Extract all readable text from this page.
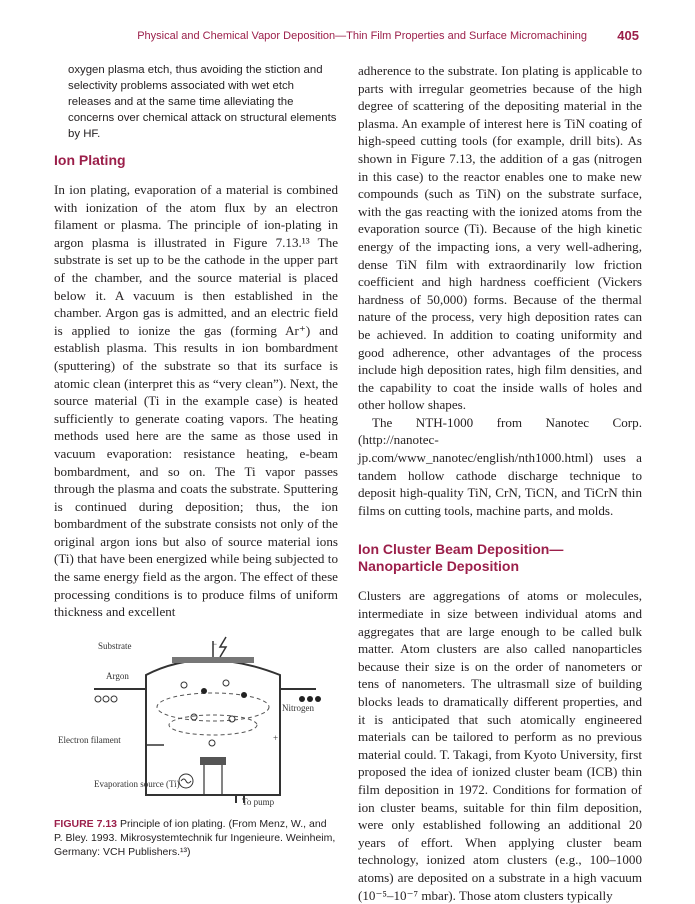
Physical and Chemical Vapor Deposition—Thin Film Properties and Surface Micromachining 405

oxygen plasma etch, thus avoiding the stiction and selectivity problems associated with wet etch releases and at the same time alleviating the concerns over chemical attack on structural elements by HF.

Ion Plating

In ion plating, evaporation of a material is combined with ionization of the atom flux by an electron filament or plasma. The principle of ion-plating in argon plasma is illustrated in Figure 7.13.¹³ The substrate is set up to be the cathode in the upper part of the chamber, and the source material is placed below it. A vacuum is then established in the chamber. Argon gas is admitted, and an electric field is applied to ionize the gas (forming Ar⁺) and establish plasma. This results in ion bombardment (sputtering) of the substrate so that its surface is atomic clean (interpret this as “very clean”). Next, the source material (Ti in the example case) is heated sufficiently to generate coating vapors. The heating methods used here are the same as those used in vacuum evaporation: resistance heating, e-beam bombardment, and so on. The Ti vapor passes through the plasma and coats the substrate. Sputtering is continued during deposition; thus, the ion bombardment of the substrate consists not only of the original argon ions but also of source material ions (Ti) that have been energized while being subjected to the same energy field as the argon. The effect of these processing conditions is to produce films of uniform thickness and excellent

−
+
Substrate
Argon
Nitrogen
Electron filament
Evaporation source (Ti)
To pump

FIGURE 7.13 Principle of ion plating. (From Menz, W., and P. Bley. 1993. Mikrosystemtechnik fur Ingenieure. Weinheim, Germany: VCH Publishers.¹³)

adherence to the substrate. Ion plating is applicable to parts with irregular geometries because of the high degree of scattering of the depositing material in the plasma. An example of interest here is TiN coating of high-speed cutting tools (for example, drill bits). As shown in Figure 7.13, the addition of a gas (nitrogen in this case) to the reactor enables one to make new compounds (such as TiN) on the substrate surface, with the gas reacting with the ionized atoms from the evaporation source (Ti). Because of the high kinetic energy of the impacting ions, a very well-adhering, dense TiN film with extraordinarily low friction coefficient and high hardness coefficient (Vickers hardness of 50,000) forms. Because of the thermal nature of the process, very high deposition rates can be achieved. In addition to coating uniformity and good adherence, other advantages of the process include high deposition rates, high film densities, and the capability to coat the inside walls of holes and other hollow shapes.

The NTH-1000 from Nanotec Corp. (http://nanotec-jp.com/www_nanotec/english/nth1000.html) uses a tandem hollow cathode discharge technique to deposit high-quality TiN, CrN, TiCN, and TiCrN thin films on cutting tools, machine parts, and molds.

Ion Cluster Beam Deposition—Nanoparticle Deposition

Clusters are aggregations of atoms or molecules, intermediate in size between individual atoms and aggregates that are large enough to be called bulk matter. Atom clusters are also called nanoparticles because their size is on the order of nanometers or tens of nanometers. The ultrasmall size of building blocks leads to dramatically different properties, and it is anticipated that such atomically engineered materials can be tailored to perform as no previous material could. T. Takagi, from Kyoto University, first proposed the idea of ionized cluster beam (ICB) thin film deposition in 1972. Conditions for formation of ion cluster beams, suitable for thin film deposition, were only established following an additional 20 years of effort. When applying cluster beam technology, ionized atom clusters (e.g., 100–1000 atoms) are deposited on a substrate in a high vacuum (10⁻⁵–10⁻⁷ mbar). Those atom clusters typically
